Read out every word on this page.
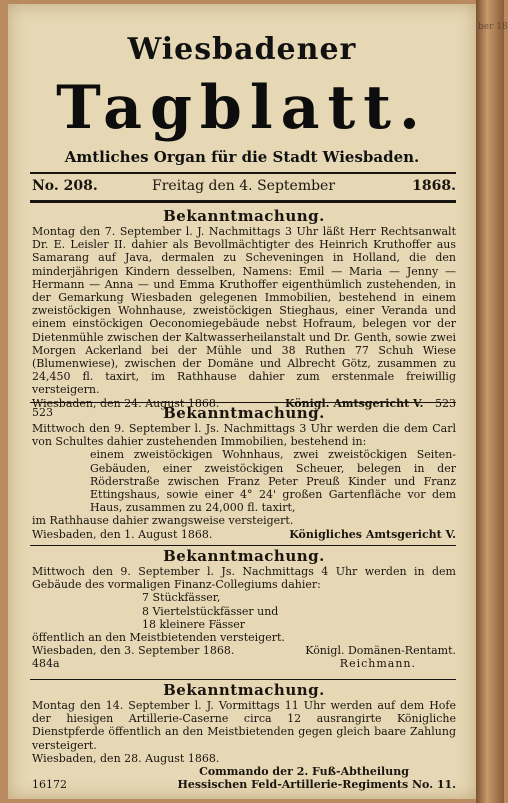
ber 18
Wiesbadener
Tagblatt.
Amtliches Organ für die Stadt Wiesbaden.
No. 208.	Freitag den 4. September	1868.
Bekanntmachung.
Montag den 7. September l. J. Nachmittags 3 Uhr läßt Herr Rechtsanwalt Dr. E. Leisler II. dahier als Bevollmächtigter des Heinrich Kruthoffer aus Samarang auf Java, dermalen zu Scheveningen in Holland, die den minderjährigen Kindern desselben, Namens: Emil — Maria — Jenny — Hermann — Anna — und Emma Kruthoffer eigenthümlich zustehenden, in der Gemarkung Wiesbaden gelegenen Immobilien, bestehend in einem zweistöckigen Wohnhause, zweistöckigen Stieghaus, einer Veranda und einem einstöckigen Oeconomiegebäude nebst Hofraum, belegen vor der Dietenmühle zwischen der Kaltwasserheilanstalt und Dr. Genth, sowie zwei Morgen Ackerland bei der Mühle und 38 Ruthen 77 Schuh Wiese (Blumenwiese), zwischen der Domäne und Albrecht Götz, zusammen zu 24,450 fl. taxirt, im Rathhause dahier zum erstenmale freiwillig versteigern.
Wiesbaden, den 24. August 1868.	Königl. Amtsgericht V. 523
523	Bekanntmachung.
Mittwoch den 9. September l. Js. Nachmittags 3 Uhr werden die dem Carl von Schultes dahier zustehenden Immobilien, bestehend in:
einem zweistöckigen Wohnhaus, zwei zweistöckigen Seiten-Gebäuden, einer zweistöckigen Scheuer, belegen in der Röderstraße zwischen Franz Peter Preuß Kinder und Franz Ettingshaus, sowie einer 4° 24' großen Gartenfläche vor dem Haus, zusammen zu 24,000 fl. taxirt,
im Rathhause dahier zwangsweise versteigert.
Wiesbaden, den 1. August 1868.	Königliches Amtsgericht V.
Bekanntmachung.
Mittwoch den 9. September l. Js. Nachmittags 4 Uhr werden in dem Gebäude des vormaligen Finanz-Collegiums dahier:
7 Stückfässer,
8 Viertelstückfässer und
18 kleinere Fässer
öffentlich an den Meistbietenden versteigert.
Wiesbaden, den 3. September 1868.	Königl. Domänen-Rentamt.
484a	Reichmann.
Bekanntmachung.
Montag den 14. September l. J. Vormittags 11 Uhr werden auf dem Hofe der hiesigen Artillerie-Caserne circa 12 ausrangirte Königliche Dienstpferde öffentlich an den Meistbietenden gegen gleich baare Zahlung versteigert.
Wiesbaden, den 28. August 1868.
Commando der 2. Fuß-Abtheilung
16172	Hessischen Feld-Artillerie-Regiments No. 11.
